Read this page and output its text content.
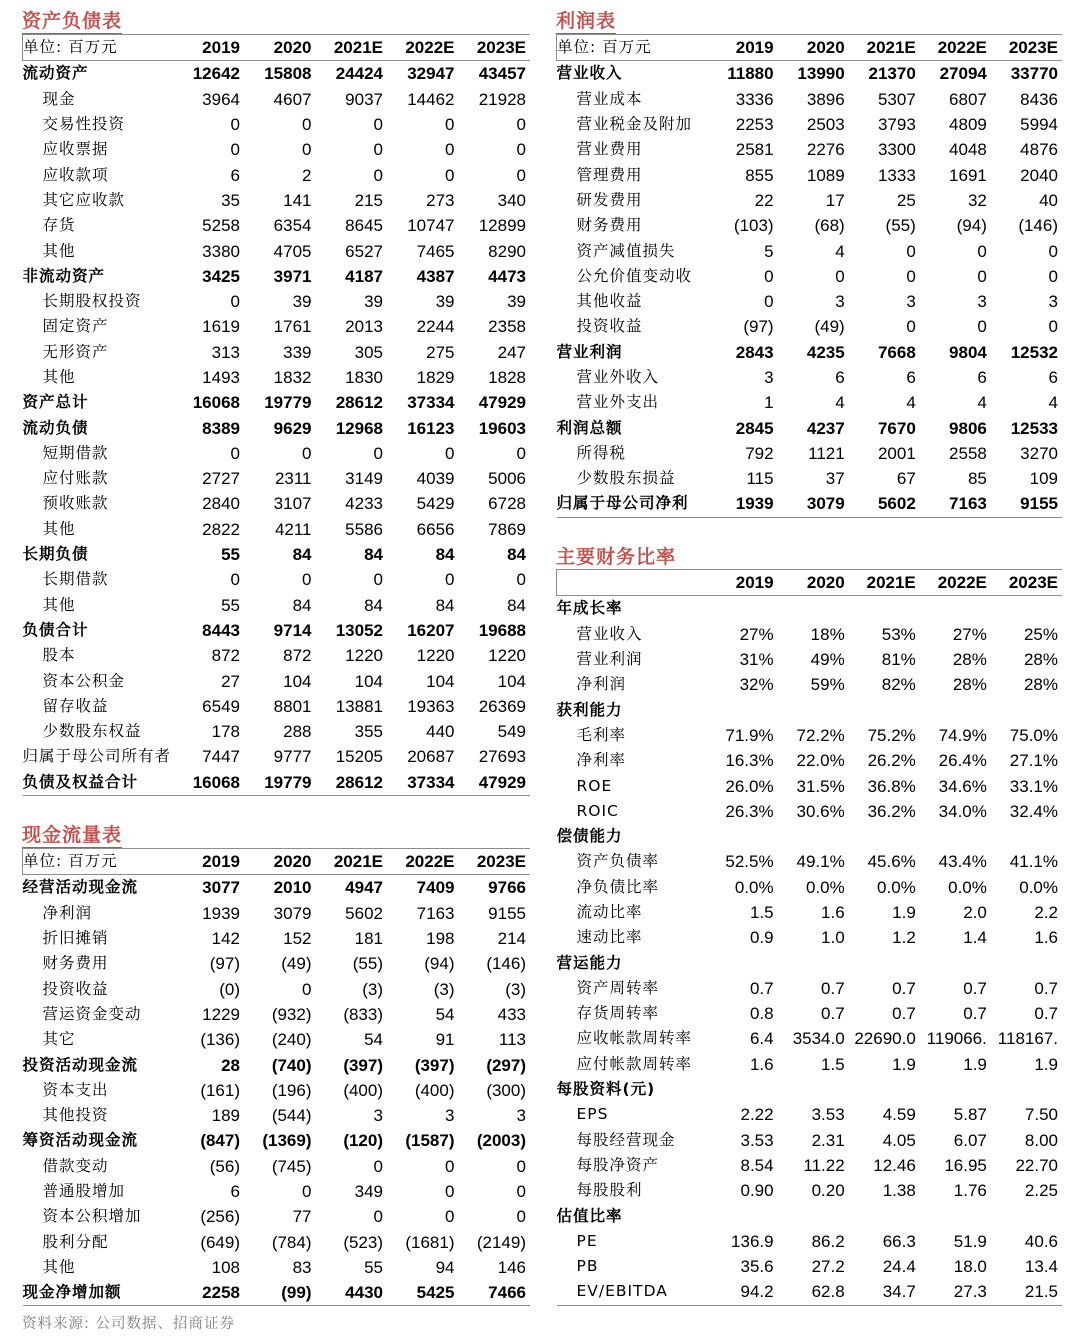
资产负债表
单位: 百万元	2019	2020	2021E	2022E	2023E
流动资产	12642	15808	24424	32947	43457
现金	3964	4607	9037	14462	21928
交易性投资	0	0	0	0	0
应收票据	0	0	0	0	0
应收款项	6	2	0	0	0
其它应收款	35	141	215	273	340
存货	5258	6354	8645	10747	12899
其他	3380	4705	6527	7465	8290
非流动资产	3425	3971	4187	4387	4473
长期股权投资	0	39	39	39	39
固定资产	1619	1761	2013	2244	2358
无形资产	313	339	305	275	247
其他	1493	1832	1830	1829	1828
资产总计	16068	19779	28612	37334	47929
流动负债	8389	9629	12968	16123	19603
短期借款	0	0	0	0	0
应付账款	2727	2311	3149	4039	5006
预收账款	2840	3107	4233	5429	6728
其他	2822	4211	5586	6656	7869
长期负债	55	84	84	84	84
长期借款	0	0	0	0	0
其他	55	84	84	84	84
负债合计	8443	9714	13052	16207	19688
股本	872	872	1220	1220	1220
资本公积金	27	104	104	104	104
留存收益	6549	8801	13881	19363	26369
少数股东权益	178	288	355	440	549
归属于母公司所有者	7447	9777	15205	20687	27693
负债及权益合计	16068	19779	28612	37334	47929
利润表
单位: 百万元	2019	2020	2021E	2022E	2023E
营业收入	11880	13990	21370	27094	33770
营业成本	3336	3896	5307	6807	8436
营业税金及附加	2253	2503	3793	4809	5994
营业费用	2581	2276	3300	4048	4876
管理费用	855	1089	1333	1691	2040
研发费用	22	17	25	32	40
财务费用	(103)	(68)	(55)	(94)	(146)
资产减值损失	5	4	0	0	0
公允价值变动收	0	0	0	0	0
其他收益	0	3	3	3	3
投资收益	(97)	(49)	0	0	0
营业利润	2843	4235	7668	9804	12532
营业外收入	3	6	6	6	6
营业外支出	1	4	4	4	4
利润总额	2845	4237	7670	9806	12533
所得税	792	1121	2001	2558	3270
少数股东损益	115	37	67	85	109
归属于母公司净利	1939	3079	5602	7163	9155
主要财务比率
	2019	2020	2021E	2022E	2023E
年成长率					
营业收入	27%	18%	53%	27%	25%
营业利润	31%	49%	81%	28%	28%
净利润	32%	59%	82%	28%	28%
获利能力					
毛利率	71.9%	72.2%	75.2%	74.9%	75.0%
净利率	16.3%	22.0%	26.2%	26.4%	27.1%
ROE	26.0%	31.5%	36.8%	34.6%	33.1%
ROIC	26.3%	30.6%	36.2%	34.0%	32.4%
偿债能力					
资产负债率	52.5%	49.1%	45.6%	43.4%	41.1%
净负债比率	0.0%	0.0%	0.0%	0.0%	0.0%
流动比率	1.5	1.6	1.9	2.0	2.2
速动比率	0.9	1.0	1.2	1.4	1.6
营运能力					
资产周转率	0.7	0.7	0.7	0.7	0.7
存货周转率	0.8	0.7	0.7	0.7	0.7
应收帐款周转率	6.4	3534.0	22690.0	119066.	118167.
应付帐款周转率	1.6	1.5	1.9	1.9	1.9
每股资料(元)					
EPS	2.22	3.53	4.59	5.87	7.50
每股经营现金	3.53	2.31	4.05	6.07	8.00
每股净资产	8.54	11.22	12.46	16.95	22.70
每股股利	0.90	0.20	1.38	1.76	2.25
估值比率					
PE	136.9	86.2	66.3	51.9	40.6
PB	35.6	27.2	24.4	18.0	13.4
EV/EBITDA	94.2	62.8	34.7	27.3	21.5
现金流量表
单位: 百万元	2019	2020	2021E	2022E	2023E
经营活动现金流	3077	2010	4947	7409	9766
净利润	1939	3079	5602	7163	9155
折旧摊销	142	152	181	198	214
财务费用	(97)	(49)	(55)	(94)	(146)
投资收益	(0)	0	(3)	(3)	(3)
营运资金变动	1229	(932)	(833)	54	433
其它	(136)	(240)	54	91	113
投资活动现金流	28	(740)	(397)	(397)	(297)
资本支出	(161)	(196)	(400)	(400)	(300)
其他投资	189	(544)	3	3	3
筹资活动现金流	(847)	(1369)	(120)	(1587)	(2003)
借款变动	(56)	(745)	0	0	0
普通股增加	6	0	349	0	0
资本公积增加	(256)	77	0	0	0
股利分配	(649)	(784)	(523)	(1681)	(2149)
其他	108	83	55	94	146
现金净增加额	2258	(99)	4430	5425	7466
资料来源: 公司数据、招商证券
